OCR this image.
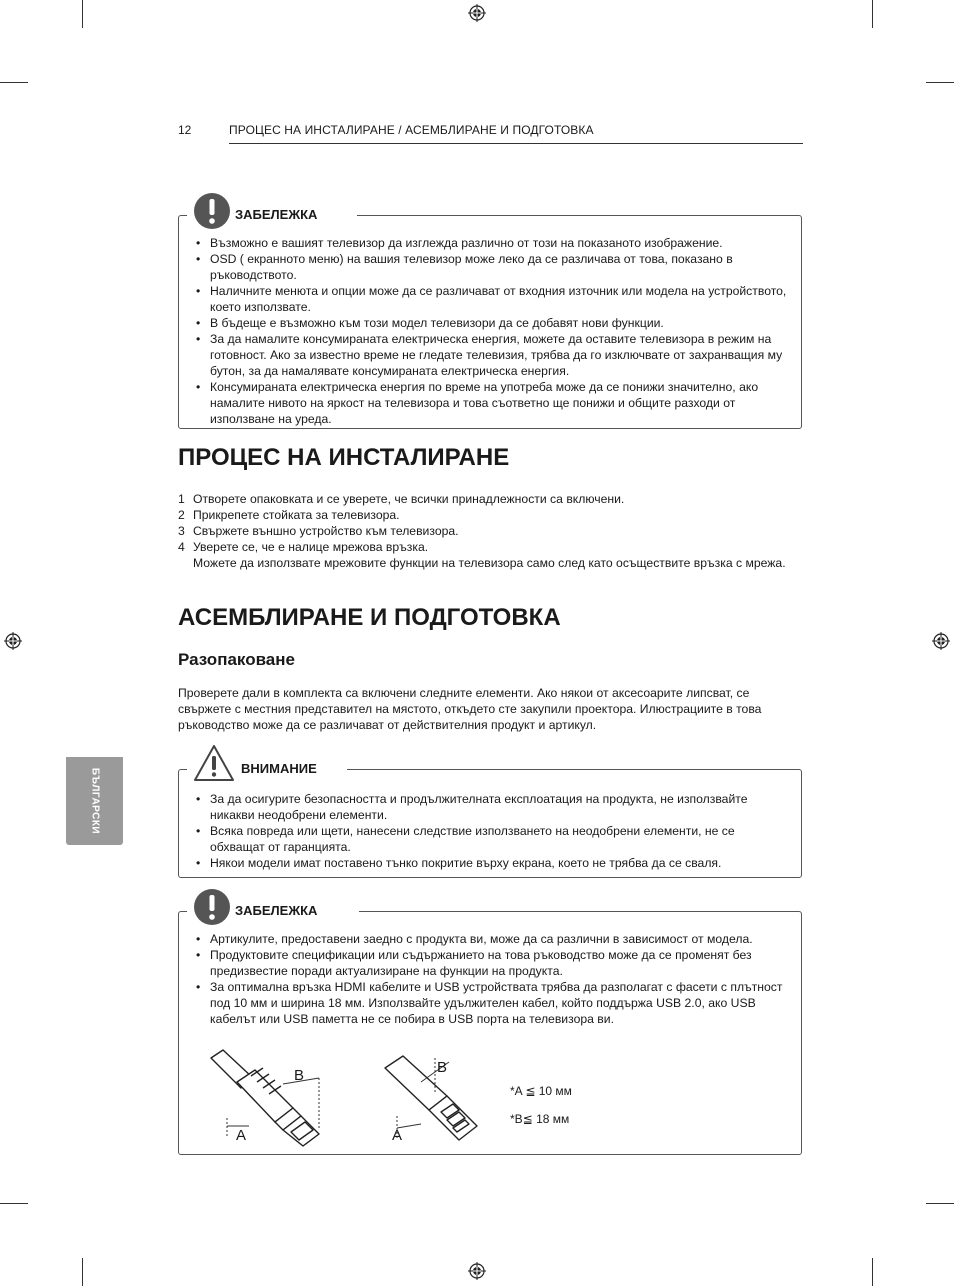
12	ПРОЦЕС НА ИНСТАЛИРАНЕ / АСЕМБЛИРАНЕ И ПОДГОТОВКА
• Възможно е вашият телевизор да изглежда различно от този на показаното изображение.
• OSD ( екранното меню) на вашия телевизор може леко да се различава от това, показано в ръководството.
• Наличните менюта и опции може да се различават от входния източник или модела на устройството, което използвате.
• В бъдеще е възможно към този модел телевизори да се добавят нови функции.
• За да намалите консумираната електрическа енергия, можете да оставите телевизора в режим на готовност. Ако за известно време не гледате телевизия, трябва да го изключвате от захранващия му бутон, за да намалявате консумираната електрическа енергия.
• Консумираната електрическа енергия по време на употреба може да се понижи значително, ако намалите нивото на яркост на телевизора и това съответно ще понижи и общите разходи от използване на уреда.
ЗАБЕЛЕЖКА
ПРОЦЕС НА ИНСТАЛИРАНЕ
1 Отворете опаковката и се уверете, че всички принадлежности са включени.
2 Прикрепете стойката за телевизора.
3 Свържете външно устройство към телевизора.
4 Уверете се, че е налице мрежова връзка.
Можете да използвате мрежовите функции на телевизора само след като осъществите връзка с мрежа.
АСЕМБЛИРАНЕ И ПОДГОТОВКА
Разопаковане
Проверете дали в комплекта са включени следните елементи. Ако някои от аксесоарите липсват, се свържете с местния представител на мястото, откъдето сте закупили проектора. Илюстрациите в това ръководство може да се различават от действителния продукт и артикул.
БЪЛГАРСКИ
•	За да осигурите безопасността и продължителната експлоатация на продукта, не използвайте никакви неодобрени елементи.
• Всяка повреда или щети, нанесени следствие използването на неодобрени елементи, не се обхващат от гаранцията.
• Някои модели имат поставено тънко покритие върху екрана, което не трябва да се сваля.
ВНИМАНИЕ
• Артикулите, предоставени заедно с продукта ви, може да са различни в зависимост от модела.
• Продуктовите спецификации или съдържанието на това ръководство може да се променят без предизвестие поради актуализиране на функции на продукта.
• За оптимална връзка HDMI кабелите и USB устройствата трябва да разполагат с фасети с плътност под 10 мм и ширина 18 мм. Използвайте удължителен кабел, който поддържа USB 2.0, ако USB кабелът или USB паметта не се побира в USB порта на телевизора ви.
B
A
B
A
*A ≦ 10 мм
*B≦ 18 мм
ЗАБЕЛЕЖКА
